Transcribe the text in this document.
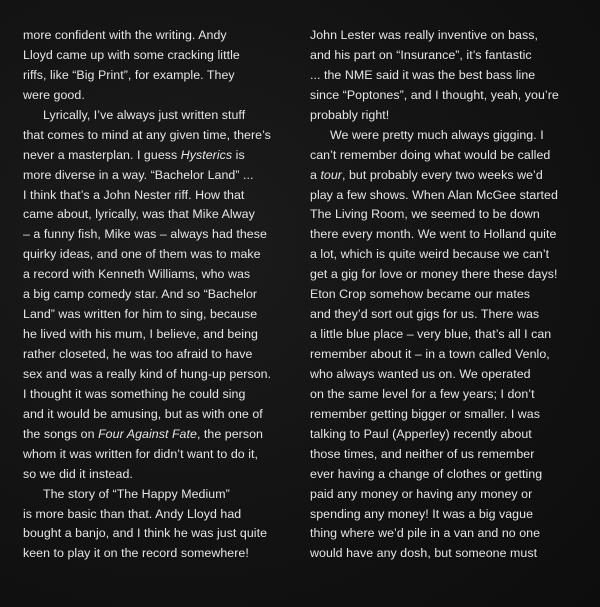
more confident with the writing. Andy
Lloyd came up with some cracking little
riffs, like “Big Print”, for example. They
were good.
Lyrically, I’ve always just written stuff
that comes to mind at any given time, there’s
never a masterplan. I guess Hysterics is
more diverse in a way. “Bachelor Land” ...
I think that’s a John Nester riff. How that
came about, lyrically, was that Mike Alway
– a funny fish, Mike was – always had these
quirky ideas, and one of them was to make
a record with Kenneth Williams, who was
a big camp comedy star. And so “Bachelor
Land” was written for him to sing, because
he lived with his mum, I believe, and being
rather closeted, he was too afraid to have
sex and was a really kind of hung-up person.
I thought it was something he could sing
and it would be amusing, but as with one of
the songs on Four Against Fate, the person
whom it was written for didn’t want to do it,
so we did it instead.
The story of “The Happy Medium”
is more basic than that. Andy Lloyd had
bought a banjo, and I think he was just quite
keen to play it on the record somewhere!
John Lester was really inventive on bass,
and his part on “Insurance”, it’s fantastic
... the NME said it was the best bass line
since “Poptones”, and I thought, yeah, you’re
probably right!
We were pretty much always gigging. I
can’t remember doing what would be called
a tour, but probably every two weeks we’d
play a few shows. When Alan McGee started
The Living Room, we seemed to be down
there every month. We went to Holland quite
a lot, which is quite weird because we can’t
get a gig for love or money there these days!
Eton Crop somehow became our mates
and they’d sort out gigs for us. There was
a little blue place – very blue, that’s all I can
remember about it – in a town called Venlo,
who always wanted us on. We operated
on the same level for a few years; I don’t
remember getting bigger or smaller. I was
talking to Paul (Apperley) recently about
those times, and neither of us remember
ever having a change of clothes or getting
paid any money or having any money or
spending any money! It was a big vague
thing where we’d pile in a van and no one
would have any dosh, but someone must
